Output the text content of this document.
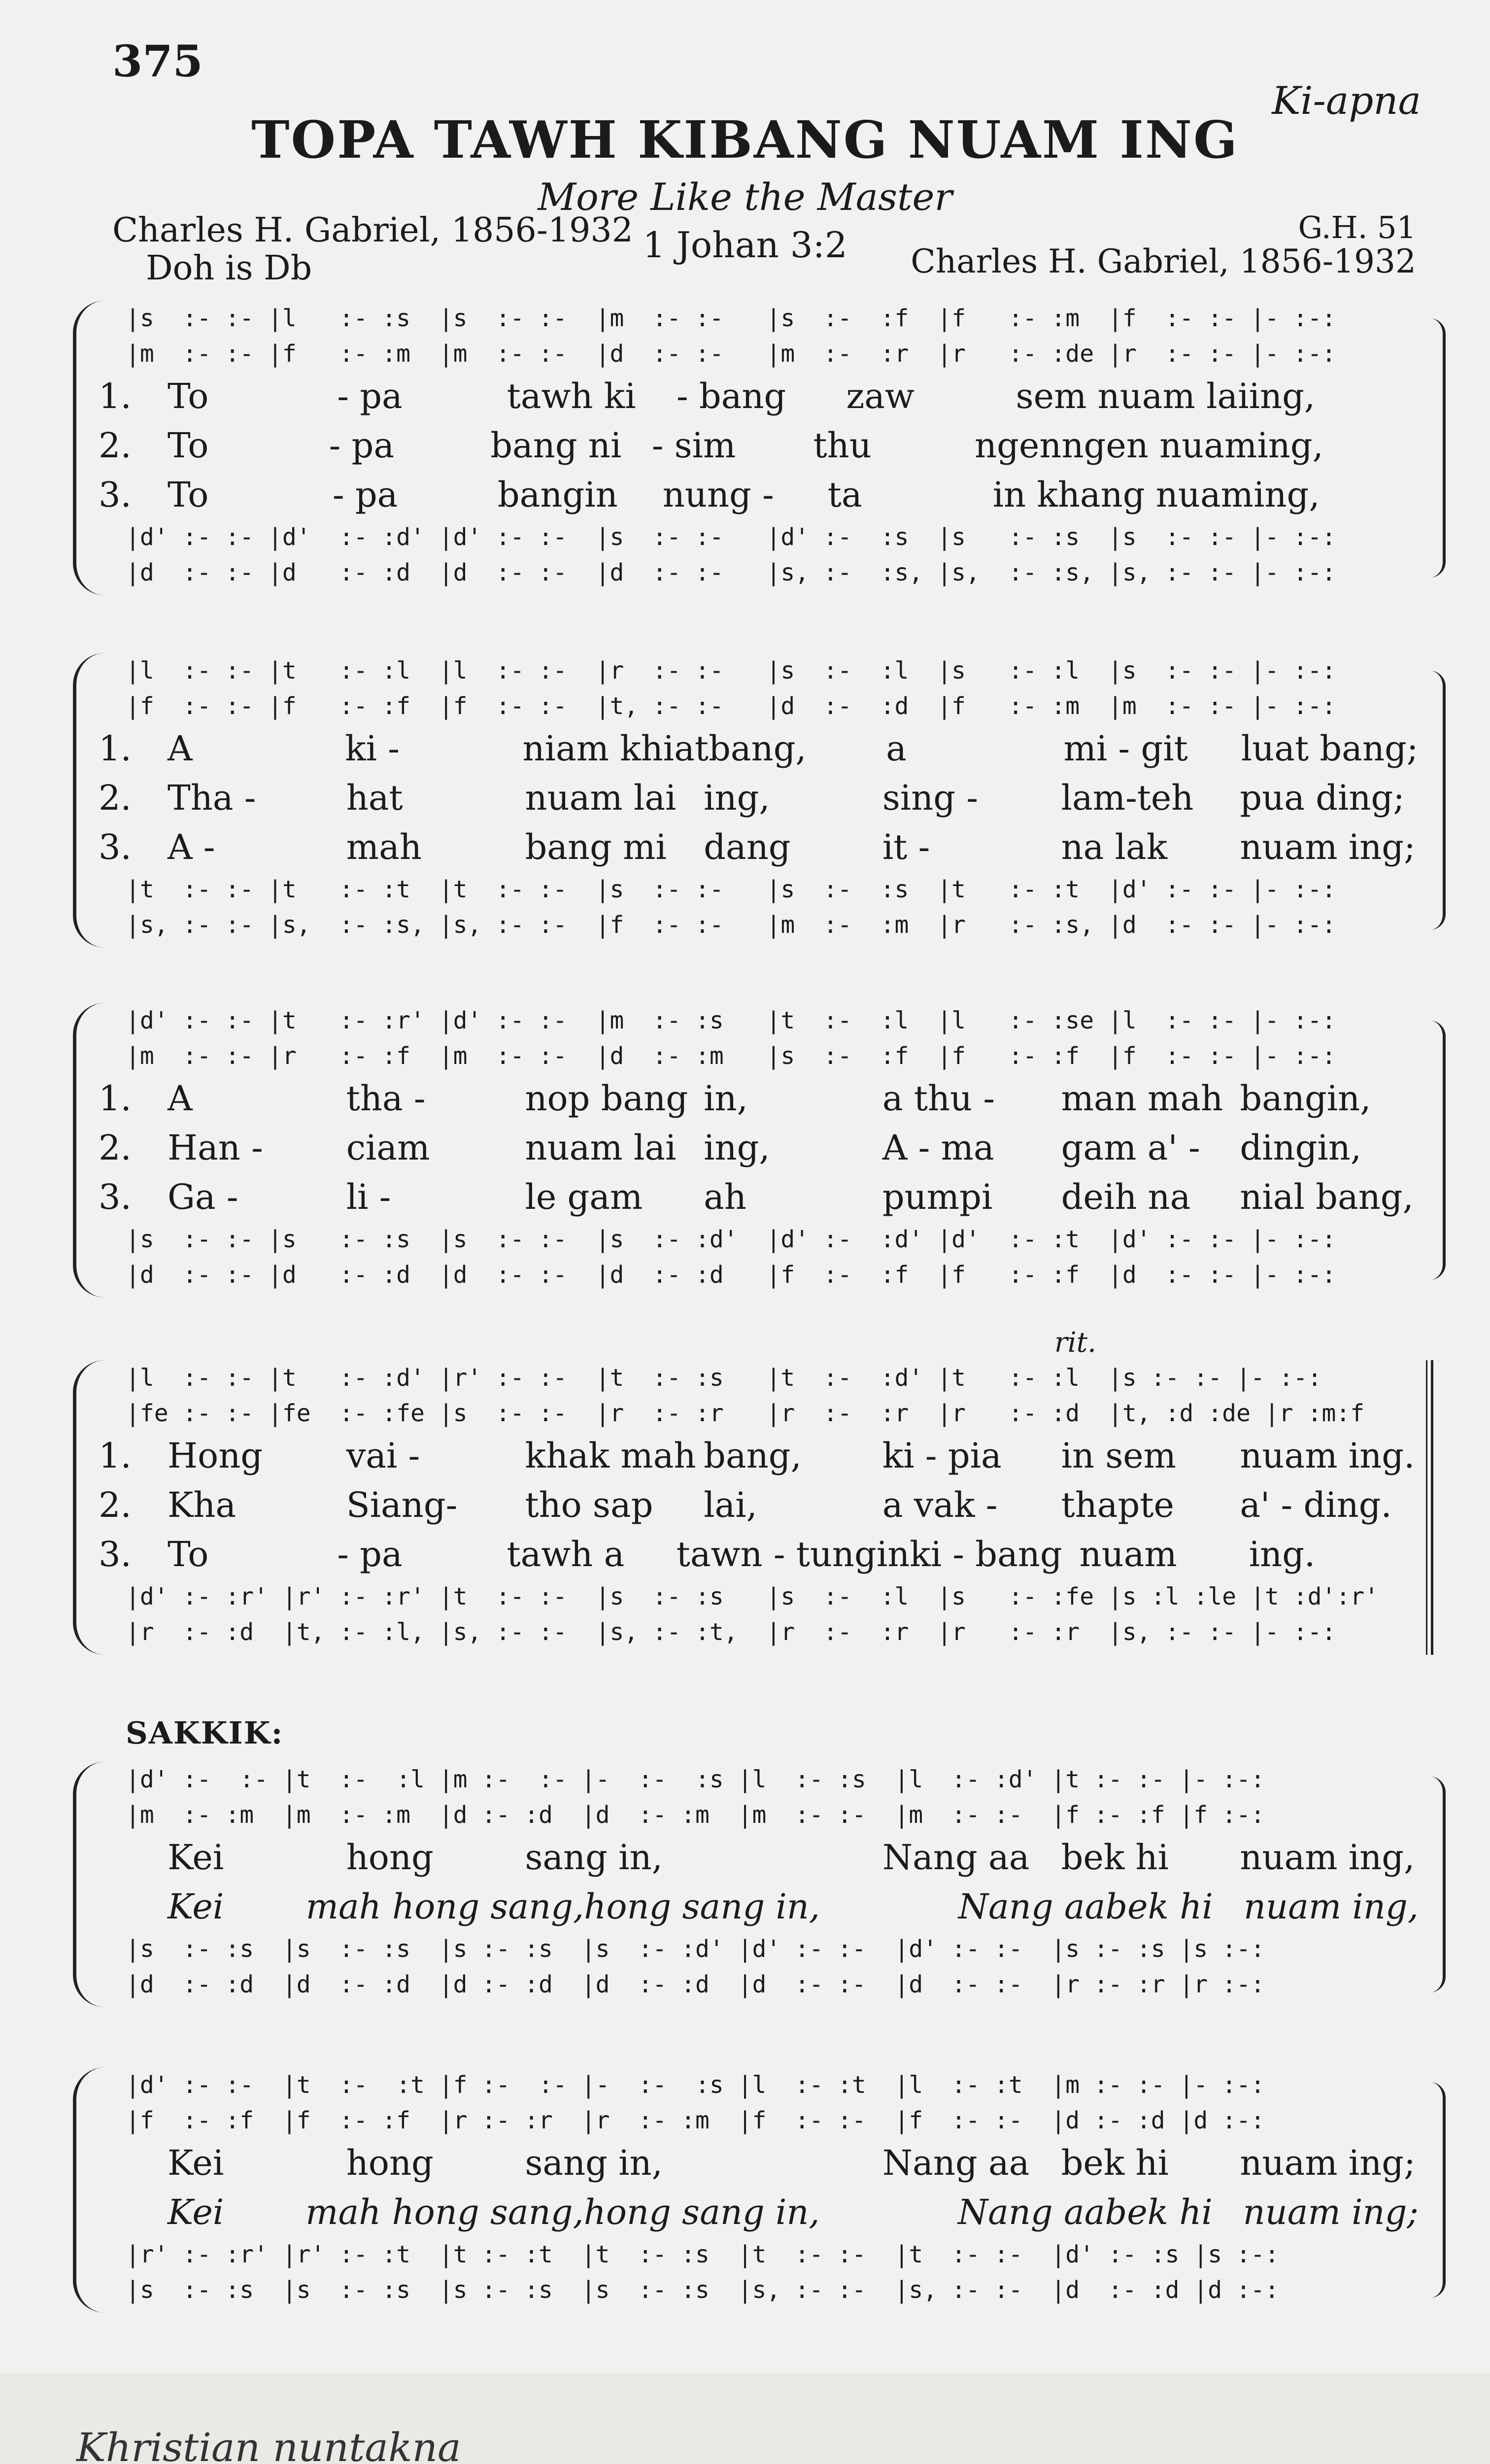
375
Ki-apna
TOPA TAWH KIBANG NUAM ING
More Like the Master
Charles H. Gabriel, 1856-1932
Doh is Db
1 Johan 3:2	G.H. 51
Charles H. Gabriel, 1856-1932
SAKKIK:
Khristian nuntakna
|s  :- :- |l   :- :s  |s  :- :-  |m  :- :-   |s  :-  :f  |f   :- :m  |f  :- :- |- :-:
|m  :- :- |f   :- :m  |m  :- :-  |d  :- :-   |m  :-  :r  |r   :- :de |r  :- :- |- :-:
1.	To	- pa	tawh ki	- bang	zaw	sem nuam lai ing,
2.	To	- pa	bang ni - sim	thu	ngenngen nuam ing,
3.	To	- pa	bangin	nung -	ta	in khang nuam ing,
|d' :- :- |d'  :- :d' |d' :- :-  |s  :- :-   |d' :-  :s  |s   :- :s  |s  :- :- |- :-:
|d  :- :- |d   :- :d  |d  :- :-  |d  :- :-   |s, :-  :s, |s,  :- :s, |s, :- :- |- :-:
|l  :- :- |t   :- :l  |l  :- :-  |r  :- :-   |s  :-  :l  |s   :- :l  |s  :- :- |- :-:
|f  :- :- |f   :- :f  |f  :- :-  |t, :- :-   |d  :-  :d  |f   :- :m  |m  :- :- |- :-:
1.	A	ki -	niam khiat bang,	a	mi - git	luat bang;
2.	Tha -	hat	nuam lai ing,	sing -	lam-teh	pua ding;
3.	A -	mah	bang mi	dang	it -	na lak	nuam ing;
|t  :- :- |t   :- :t  |t  :- :-  |s  :- :-   |s  :-  :s  |t   :- :t  |d' :- :- |- :-:
|s, :- :- |s,  :- :s, |s, :- :-  |f  :- :-   |m  :-  :m  |r   :- :s, |d  :- :- |- :-:
|d' :- :- |t   :- :r' |d' :- :-  |m  :- :s   |t  :-  :l  |l   :- :se |l  :- :- |- :-:
|m  :- :- |r   :- :f  |m  :- :-  |d  :- :m   |s  :-  :f  |f   :- :f  |f  :- :- |- :-:
1.	A	tha -	nop bang in,	a thu -	man mah bangin,
2.	Han -	ciam	nuam lai ing,	A - ma	gam a' -	dingin,
3.	Ga -	li -	le gam	ah	pumpi	deih na	nial bang,
|s  :- :- |s   :- :s  |s  :- :-  |s  :- :d'  |d' :-  :d' |d'  :- :t  |d' :- :- |- :-:
|d  :- :- |d   :- :d  |d  :- :-  |d  :- :d   |f  :-  :f  |f   :- :f  |d  :- :- |- :-:
rit.
|l  :- :- |t   :- :d' |r' :- :-  |t  :- :s   |t  :-  :d' |t   :- :l  |s :- :- |- :-:
|fe :- :- |fe  :- :fe |s  :- :-  |r  :- :r   |r  :-  :r  |r   :- :d  |t, :d :de |r :m:f
1.	Hong	vai -	khak mah bang,	ki - pia	in sem	nuam ing.
2.	Kha	Siang-	tho sap	lai,	a vak -	thapte	a' - ding.
3.	To	- pa	tawh a	tawn - tungin ki - bang nuam	ing.
|d' :- :r' |r' :- :r' |t  :- :-  |s  :- :s   |s  :-  :l  |s   :- :fe |s :l :le |t :d':r'
|r  :- :d  |t, :- :l, |s, :- :-  |s, :- :t,  |r  :-  :r  |r   :- :r  |s, :- :- |- :-:
|d' :-  :- |t  :-  :l |m :-  :- |-  :-  :s |l  :- :s  |l  :- :d' |t :- :- |- :-:
|m  :- :m  |m  :- :m  |d :- :d  |d  :- :m  |m  :- :-  |m  :- :-  |f :- :f |f :-:
Kei	hong	sang in,	Nang aa bek hi	nuam ing,
Kei	mah hong sang, hong sang in,	Nang aa bek hi nuam ing,
|s  :- :s  |s  :- :s  |s :- :s  |s  :- :d' |d' :- :-  |d' :- :-  |s :- :s |s :-:
|d  :- :d  |d  :- :d  |d :- :d  |d  :- :d  |d  :- :-  |d  :- :-  |r :- :r |r :-:
|d' :- :-  |t  :-  :t |f :-  :- |-  :-  :s |l  :- :t  |l  :- :t  |m :- :- |- :-:
|f  :- :f  |f  :- :f  |r :- :r  |r  :- :m  |f  :- :-  |f  :- :-  |d :- :d |d :-:
Kei	hong	sang in,	Nang aa bek hi	nuam ing;
Kei	mah hong sang, hong sang in,	Nang aa bek hi nuam ing;
|r' :- :r' |r' :- :t  |t :- :t  |t  :- :s  |t  :- :-  |t  :- :-  |d' :- :s |s :-:
|s  :- :s  |s  :- :s  |s :- :s  |s  :- :s  |s, :- :-  |s, :- :-  |d  :- :d |d :-:
